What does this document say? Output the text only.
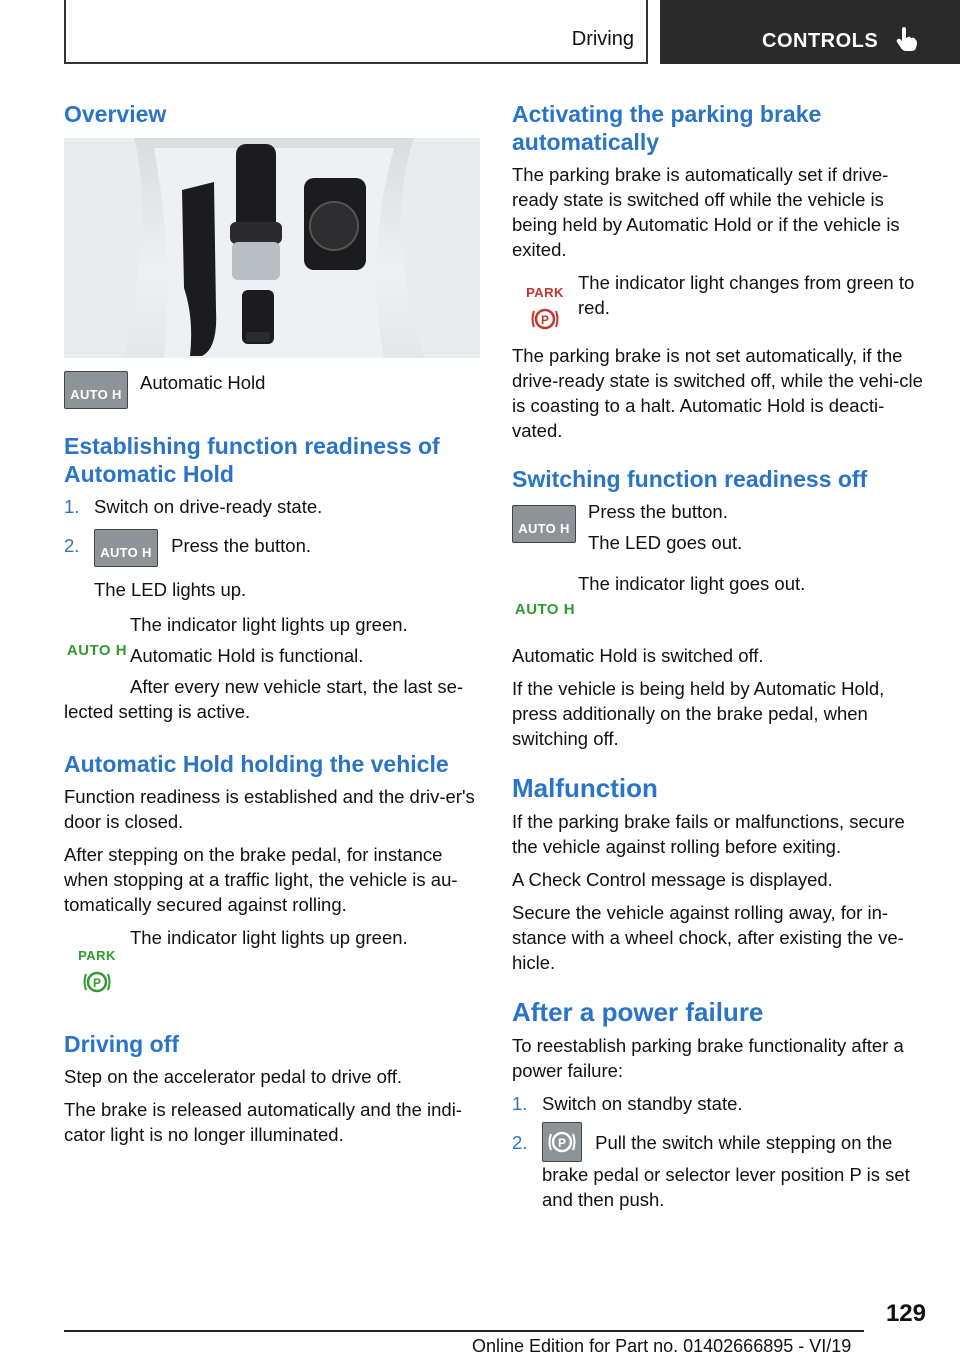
Driving	CONTROLS
Overview
AUTO H

Automatic Hold

Establishing function readiness of Automatic Hold
1. Switch on drive-ready state.
2.	AUTO H Press the button.
The LED lights up.
AUTO H

The indicator light lights up green.

Automatic Hold is functional.

After every new vehicle start, the last se-lected setting is active.

Automatic Hold holding the vehicle

Function readiness is established and the driv-er's door is closed.

After stepping on the brake pedal, for instance when stopping at a traffic light, the vehicle is au-tomatically secured against rolling.

PARK
P

The indicator light lights up green.

Driving off

Step on the accelerator pedal to drive off.

The brake is released automatically and the indi-cator light is no longer illuminated.

Activating the parking brake automatically

The parking brake is automatically set if drive-ready state is switched off while the vehicle is being held by Automatic Hold or if the vehicle is exited.

PARK
P

The indicator light changes from green to red.

The parking brake is not set automatically, if the drive-ready state is switched off, while the vehi-cle is coasting to a halt. Automatic Hold is deacti-vated.

Switching function readiness off
AUTO H

Press the button.

The LED goes out.

AUTO H

The indicator light goes out.

Automatic Hold is switched off.

If the vehicle is being held by Automatic Hold, press additionally on the brake pedal, when switching off.

Malfunction

If the parking brake fails or malfunctions, secure the vehicle against rolling before exiting.

A Check Control message is displayed.

Secure the vehicle against rolling away, for in-stance with a wheel chock, after existing the ve-hicle.

After a power failure

To reestablish parking brake functionality after a power failure:

1. Switch on standby state.
2.	P Pull the switch while stepping on the brake pedal or selector lever position P is set and then push.
129
Online Edition for Part no. 01402666895 - VI/19
